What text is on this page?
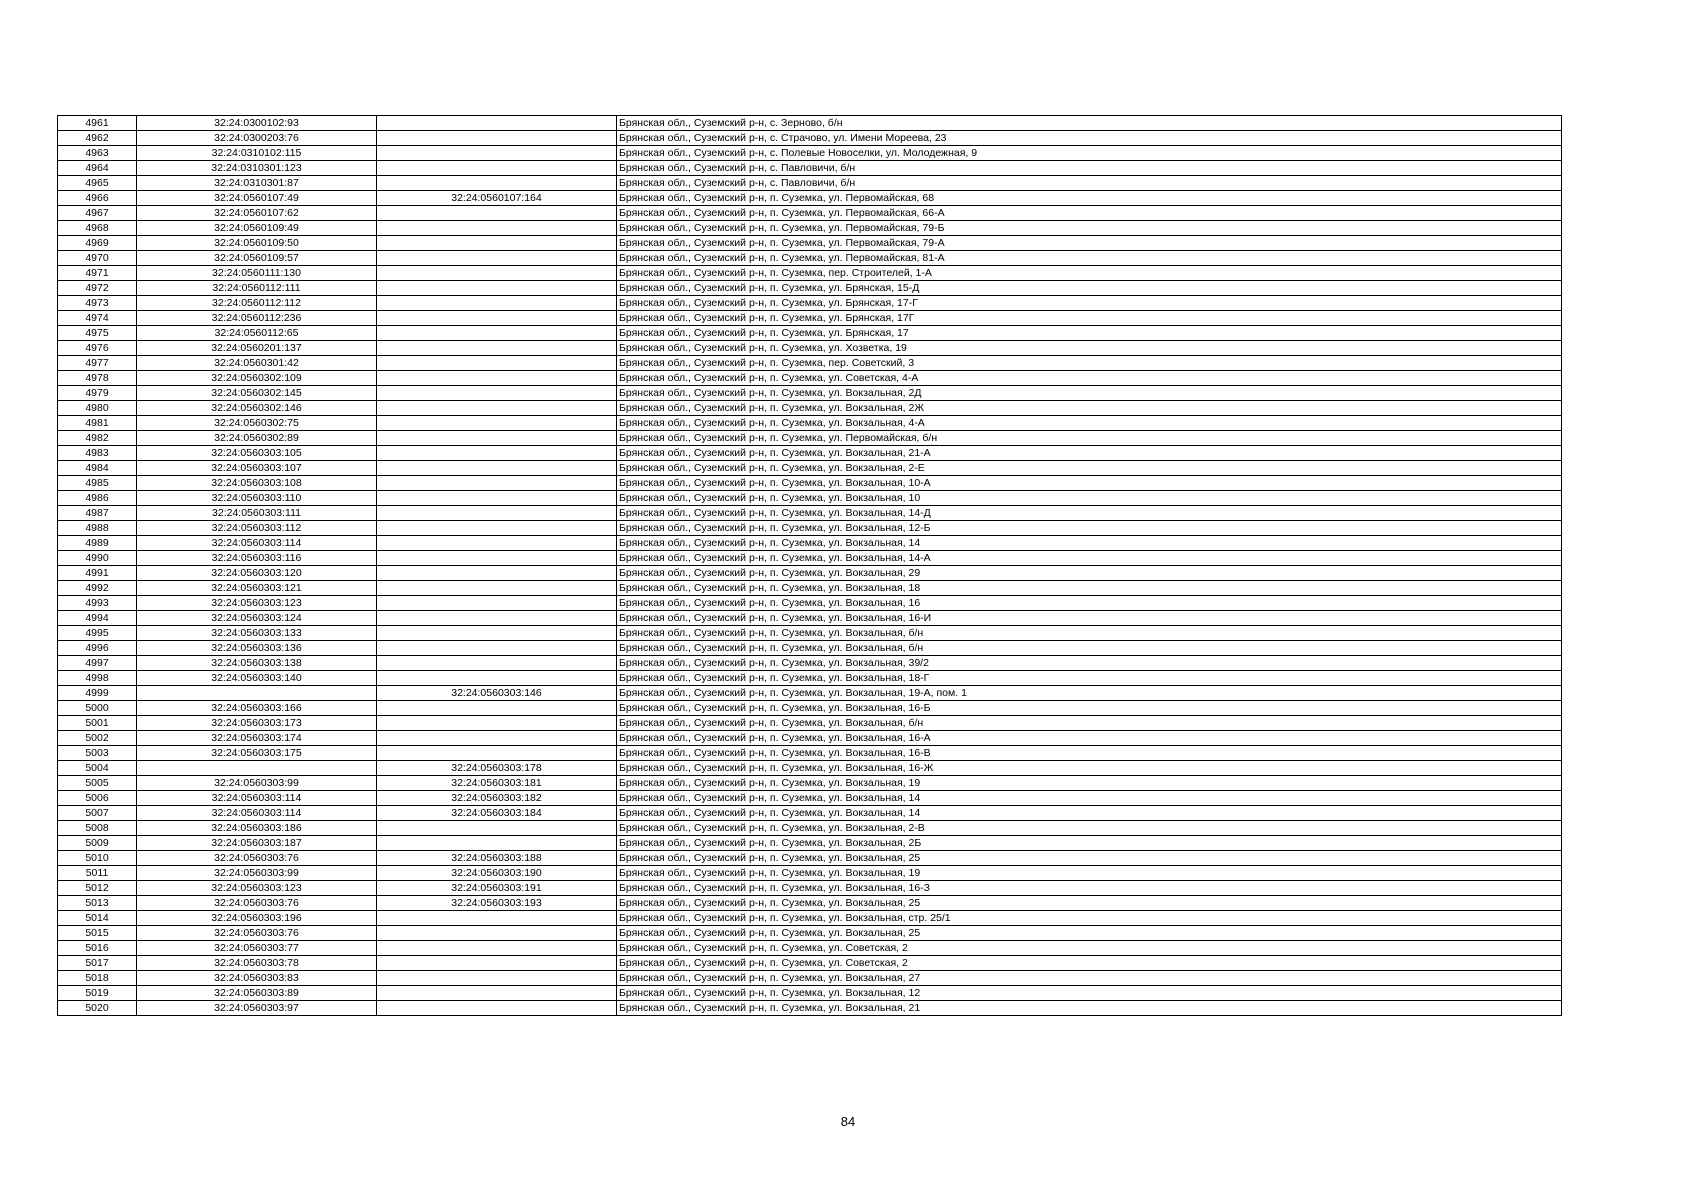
4961	32:24:0300102:93		Брянская обл., Суземский р-н, с. Зерново, б/н
4962	32:24:0300203:76		Брянская обл., Суземский р-н, с. Страчово, ул. Имени Мореева, 23
4963	32:24:0310102:115		Брянская обл., Суземский р-н, с. Полевые Новоселки, ул. Молодежная, 9
4964	32:24:0310301:123		Брянская обл., Суземский р-н, с. Павловичи, б/н
4965	32:24:0310301:87		Брянская обл., Суземский р-н, с. Павловичи, б/н
4966	32:24:0560107:49	32:24:0560107:164	Брянская обл., Суземский р-н, п. Суземка, ул. Первомайская, 68
4967	32:24:0560107:62		Брянская обл., Суземский р-н, п. Суземка, ул. Первомайская, 66-А
4968	32:24:0560109:49		Брянская обл., Суземский р-н, п. Суземка, ул. Первомайская, 79-Б
4969	32:24:0560109:50		Брянская обл., Суземский р-н, п. Суземка, ул. Первомайская, 79-А
4970	32:24:0560109:57		Брянская обл., Суземский р-н, п. Суземка, ул. Первомайская, 81-А
4971	32:24:0560111:130		Брянская обл., Суземский р-н, п. Суземка, пер. Строителей, 1-А
4972	32:24:0560112:111		Брянская обл., Суземский р-н, п. Суземка, ул. Брянская, 15-Д
4973	32:24:0560112:112		Брянская обл., Суземский р-н, п. Суземка, ул. Брянская, 17-Г
4974	32:24:0560112:236		Брянская обл., Суземский р-н, п. Суземка, ул. Брянская, 17Г
4975	32:24:0560112:65		Брянская обл., Суземский р-н, п. Суземка, ул. Брянская, 17
4976	32:24:0560201:137		Брянская обл., Суземский р-н, п. Суземка, ул. Хозветка, 19
4977	32:24:0560301:42		Брянская обл., Суземский р-н, п. Суземка, пер. Советский, 3
4978	32:24:0560302:109		Брянская обл., Суземский р-н, п. Суземка, ул. Советская, 4-А
4979	32:24:0560302:145		Брянская обл., Суземский р-н, п. Суземка, ул. Вокзальная, 2Д
4980	32:24:0560302:146		Брянская обл., Суземский р-н, п. Суземка, ул. Вокзальная, 2Ж
4981	32:24:0560302:75		Брянская обл., Суземский р-н, п. Суземка, ул. Вокзальная, 4-А
4982	32:24:0560302:89		Брянская обл., Суземский р-н, п. Суземка, ул. Первомайская, б/н
4983	32:24:0560303:105		Брянская обл., Суземский р-н, п. Суземка, ул. Вокзальная, 21-А
4984	32:24:0560303:107		Брянская обл., Суземский р-н, п. Суземка, ул. Вокзальная, 2-Е
4985	32:24:0560303:108		Брянская обл., Суземский р-н, п. Суземка, ул. Вокзальная, 10-А
4986	32:24:0560303:110		Брянская обл., Суземский р-н, п. Суземка, ул. Вокзальная, 10
4987	32:24:0560303:111		Брянская обл., Суземский р-н, п. Суземка, ул. Вокзальная, 14-Д
4988	32:24:0560303:112		Брянская обл., Суземский р-н, п. Суземка, ул. Вокзальная, 12-Б
4989	32:24:0560303:114		Брянская обл., Суземский р-н, п. Суземка, ул. Вокзальная, 14
4990	32:24:0560303:116		Брянская обл., Суземский р-н, п. Суземка, ул. Вокзальная, 14-А
4991	32:24:0560303:120		Брянская обл., Суземский р-н, п. Суземка, ул. Вокзальная, 29
4992	32:24:0560303:121		Брянская обл., Суземский р-н, п. Суземка, ул. Вокзальная, 18
4993	32:24:0560303:123		Брянская обл., Суземский р-н, п. Суземка, ул. Вокзальная, 16
4994	32:24:0560303:124		Брянская обл., Суземский р-н, п. Суземка, ул. Вокзальная, 16-И
4995	32:24:0560303:133		Брянская обл., Суземский р-н, п. Суземка, ул. Вокзальная, б/н
4996	32:24:0560303:136		Брянская обл., Суземский р-н, п. Суземка, ул. Вокзальная, б/н
4997	32:24:0560303:138		Брянская обл., Суземский р-н, п. Суземка, ул. Вокзальная, 39/2
4998	32:24:0560303:140		Брянская обл., Суземский р-н, п. Суземка, ул. Вокзальная, 18-Г
4999		32:24:0560303:146	Брянская обл., Суземский р-н, п. Суземка, ул. Вокзальная, 19-А, пом. 1
5000	32:24:0560303:166		Брянская обл., Суземский р-н, п. Суземка, ул. Вокзальная, 16-Б
5001	32:24:0560303:173		Брянская обл., Суземский р-н, п. Суземка, ул. Вокзальная, б/н
5002	32:24:0560303:174		Брянская обл., Суземский р-н, п. Суземка, ул. Вокзальная, 16-А
5003	32:24:0560303:175		Брянская обл., Суземский р-н, п. Суземка, ул. Вокзальная, 16-В
5004		32:24:0560303:178	Брянская обл., Суземский р-н, п. Суземка, ул. Вокзальная, 16-Ж
5005	32:24:0560303:99	32:24:0560303:181	Брянская обл., Суземский р-н, п. Суземка, ул. Вокзальная, 19
5006	32:24:0560303:114	32:24:0560303:182	Брянская обл., Суземский р-н, п. Суземка, ул. Вокзальная, 14
5007	32:24:0560303:114	32:24:0560303:184	Брянская обл., Суземский р-н, п. Суземка, ул. Вокзальная, 14
5008	32:24:0560303:186		Брянская обл., Суземский р-н, п. Суземка, ул. Вокзальная, 2-В
5009	32:24:0560303:187		Брянская обл., Суземский р-н, п. Суземка, ул. Вокзальная, 2Б
5010	32:24:0560303:76	32:24:0560303:188	Брянская обл., Суземский р-н, п. Суземка, ул. Вокзальная, 25
5011	32:24:0560303:99	32:24:0560303:190	Брянская обл., Суземский р-н, п. Суземка, ул. Вокзальная, 19
5012	32:24:0560303:123	32:24:0560303:191	Брянская обл., Суземский р-н, п. Суземка, ул. Вокзальная, 16-З
5013	32:24:0560303:76	32:24:0560303:193	Брянская обл., Суземский р-н, п. Суземка, ул. Вокзальная, 25
5014	32:24:0560303:196		Брянская обл., Суземский р-н, п. Суземка, ул. Вокзальная, стр. 25/1
5015	32:24:0560303:76		Брянская обл., Суземский р-н, п. Суземка, ул. Вокзальная, 25
5016	32:24:0560303:77		Брянская обл., Суземский р-н, п. Суземка, ул. Советская, 2
5017	32:24:0560303:78		Брянская обл., Суземский р-н, п. Суземка, ул. Советская, 2
5018	32:24:0560303:83		Брянская обл., Суземский р-н, п. Суземка, ул. Вокзальная, 27
5019	32:24:0560303:89		Брянская обл., Суземский р-н, п. Суземка, ул. Вокзальная, 12
5020	32:24:0560303:97		Брянская обл., Суземский р-н, п. Суземка, ул. Вокзальная, 21
84
